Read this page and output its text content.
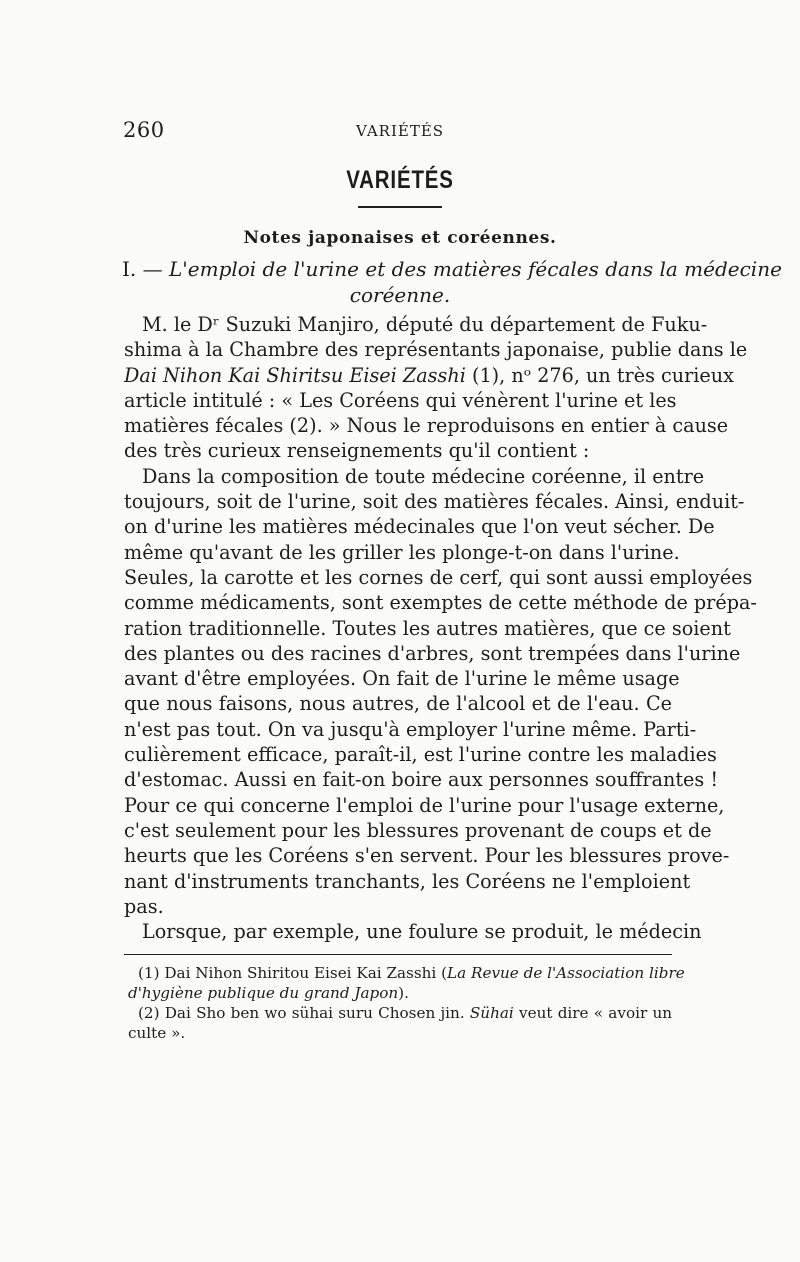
260	VARIÉTÉS
VARIÉTÉS
Notes japonaises et coréennes.
I. — L'emploi de l'urine et des matières fécales dans la médecine
coréenne.
M. le Dʳ Suzuki Manjiro, député du département de Fuku-
shima à la Chambre des représentants japonaise, publie dans le
Dai Nihon Kai Shiritsu Eisei Zasshi (1), nᵒ 276, un très curieux
article intitulé : « Les Coréens qui vénèrent l'urine et les
matières fécales (2). » Nous le reproduisons en entier à cause
des très curieux renseignements qu'il contient :
Dans la composition de toute médecine coréenne, il entre
toujours, soit de l'urine, soit des matières fécales. Ainsi, enduit-
on d'urine les matières médecinales que l'on veut sécher. De
même qu'avant de les griller les plonge-t-on dans l'urine.
Seules, la carotte et les cornes de cerf, qui sont aussi employées
comme médicaments, sont exemptes de cette méthode de prépa-
ration traditionnelle. Toutes les autres matières, que ce soient
des plantes ou des racines d'arbres, sont trempées dans l'urine
avant d'être employées. On fait de l'urine le même usage
que nous faisons, nous autres, de l'alcool et de l'eau. Ce
n'est pas tout. On va jusqu'à employer l'urine même. Parti-
culièrement efficace, paraît-il, est l'urine contre les maladies
d'estomac. Aussi en fait-on boire aux personnes souffrantes !
Pour ce qui concerne l'emploi de l'urine pour l'usage externe,
c'est seulement pour les blessures provenant de coups et de
heurts que les Coréens s'en servent. Pour les blessures prove-
nant d'instruments tranchants, les Coréens ne l'emploient
pas.
Lorsque, par exemple, une foulure se produit, le médecin
(1) Dai Nihon Shiritou Eisei Kai Zasshi (La Revue de l'Association libre
d'hygiène publique du grand Japon).
(2) Dai Sho ben wo sühai suru Chosen jin. Sühai veut dire « avoir un
culte ».
